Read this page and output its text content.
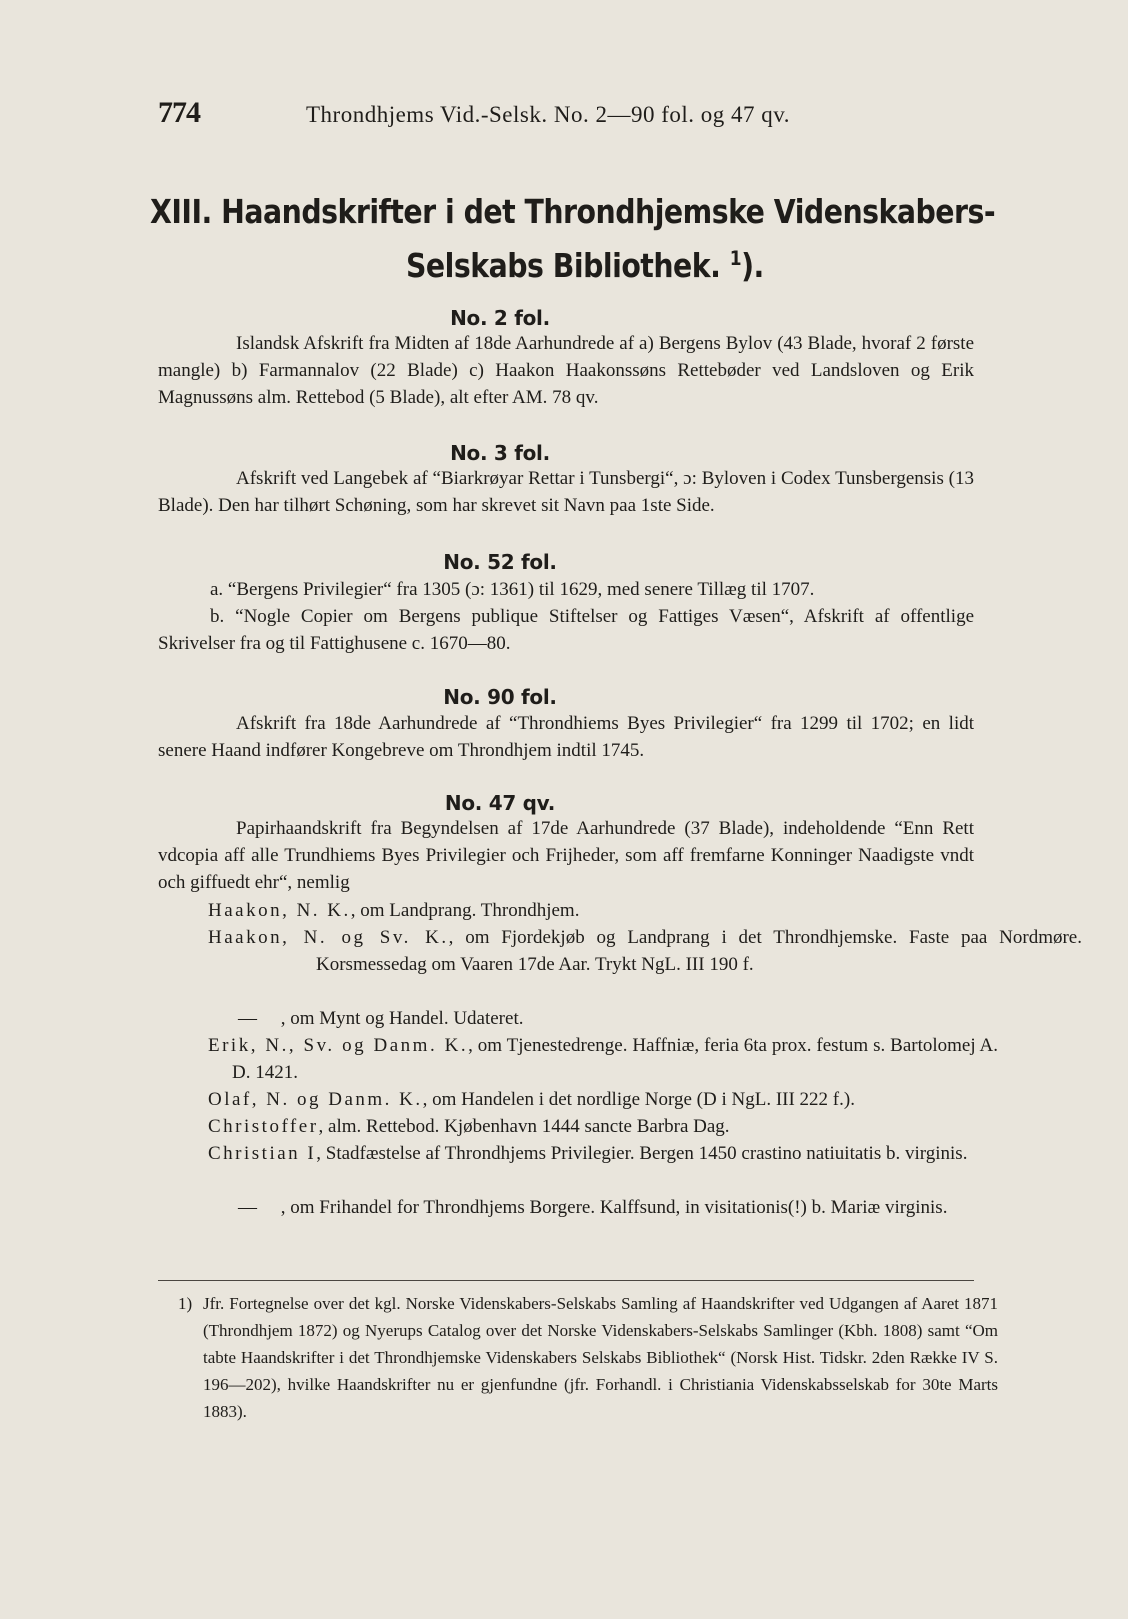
774	Throndhjems Vid.-Selsk. No. 2—90 fol. og 47 qv.
XIII. Haandskrifter i det Throndhjemske Videnskabers-
Selskabs Bibliothek. $^1$).
No. 2 fol.
Islandsk Afskrift fra Midten af 18de Aarhundrede af a) Bergens Bylov (43 Blade, hvoraf 2 første mangle) b) Farmannalov (22 Blade) c) Haakon Haakonssøns Rettebøder ved Landsloven og Erik Magnussøns alm. Rettebod (5 Blade), alt efter AM. 78 qv.
No. 3 fol.
Afskrift ved Langebek af “Biarkrøyar Rettar i Tunsbergi“, ɔ: Byloven i Codex Tunsbergensis (13 Blade). Den har tilhørt Schøning, som har skrevet sit Navn paa 1ste Side.
No. 52 fol.
a. “Bergens Privilegier“ fra 1305 (ɔ: 1361) til 1629, med senere Tillæg til 1707.
b. “Nogle Copier om Bergens publique Stiftelser og Fattiges Væsen“, Afskrift af offentlige Skrivelser fra og til Fattighusene c. 1670—80.
No. 90 fol.
Afskrift fra 18de Aarhundrede af “Throndhiems Byes Privilegier“ fra 1299 til 1702; en lidt senere Haand indfører Kongebreve om Throndhjem indtil 1745.
No. 47 qv.
Papirhaandskrift fra Begyndelsen af 17de Aarhundrede (37 Blade), indeholdende “Enn Rett vdcopia aff alle Trundhiems Byes Privilegier och Frijheder, som aff fremfarne Konninger Naadigste vndt och giffuedt ehr“, nemlig
Haakon, N. K., om Landprang. Throndhjem.
Haakon, N. og Sv. K., om Fjordekjøb og Landprang i det Throndhjemske. Faste paa Nordmøre. Korsmessedag om Vaaren 17de Aar. Trykt NgL. III 190 f.
— , om Mynt og Handel. Udateret.
Erik, N., Sv. og Danm. K., om Tjenestedrenge. Haffniæ, feria 6ta prox. festum s. Bartolomej A. D. 1421.
Olaf, N. og Danm. K., om Handelen i det nordlige Norge (D i NgL. III 222 f.).
Christoffer, alm. Rettebod. Kjøbenhavn 1444 sancte Barbra Dag.
Christian I, Stadfæstelse af Throndhjems Privilegier. Bergen 1450 crastino natiuitatis b. virginis.
— , om Frihandel for Throndhjems Borgere. Kalffsund, in visitationis(!) b. Mariæ virginis.
1) Jfr. Fortegnelse over det kgl. Norske Videnskabers-Selskabs Samling af Haandskrifter ved Udgangen af Aaret 1871 (Throndhjem 1872) og Nyerups Catalog over det Norske Videnskabers-Selskabs Samlinger (Kbh. 1808) samt “Om tabte Haandskrifter i det Throndhjemske Videnskabers Selskabs Bibliothek“ (Norsk Hist. Tidskr. 2den Række IV S. 196—202), hvilke Haandskrifter nu er gjenfundne (jfr. Forhandl. i Christiania Videnskabsselskab for 30te Marts 1883).
